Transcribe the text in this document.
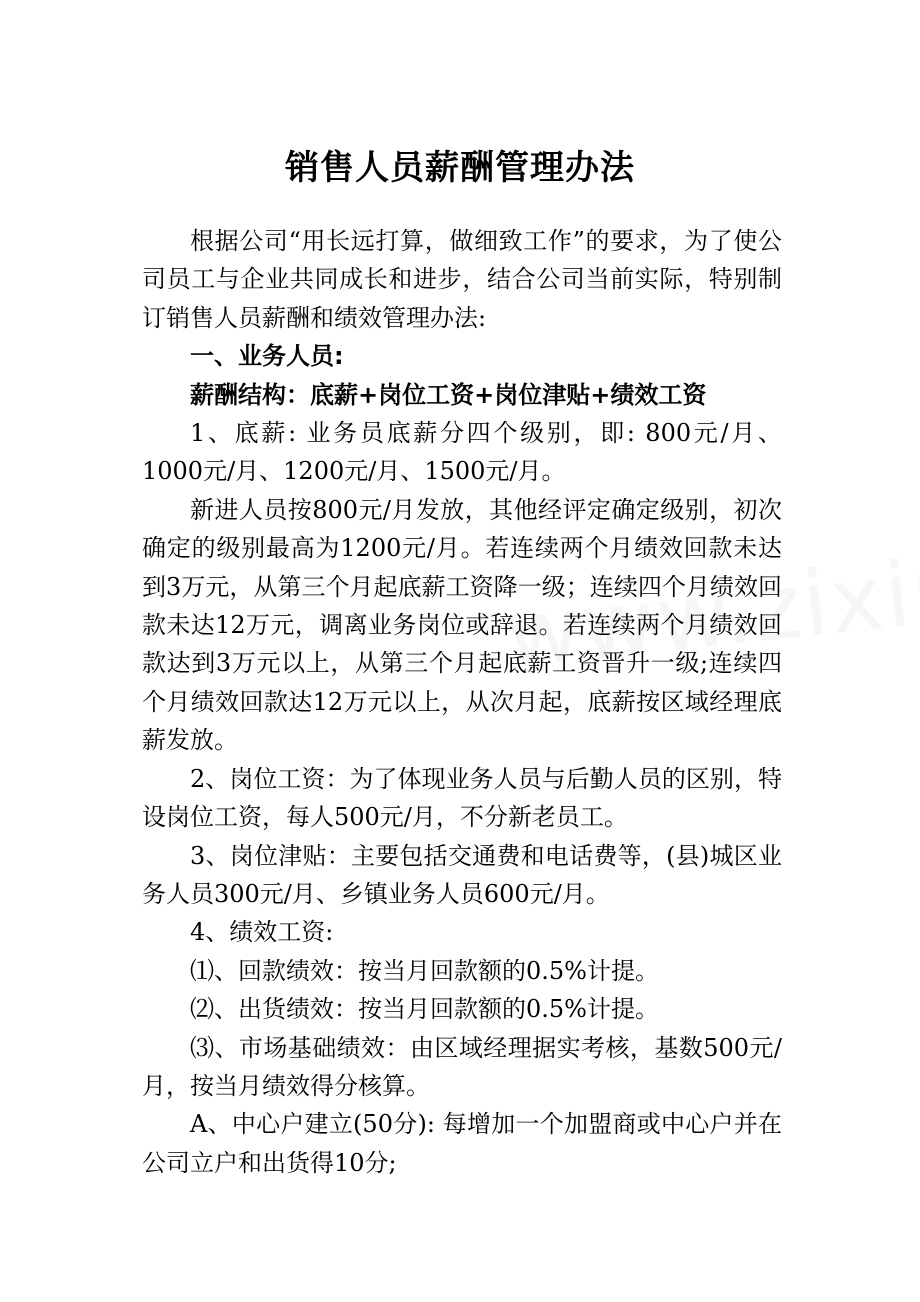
销售人员薪酬管理办法

根据公司“用长远打算，做细致工作”的要求，为了使公司员工与企业共同成长和进步，结合公司当前实际，特别制订销售人员薪酬和绩效管理办法:

一、业务人员:

薪酬结构：底薪+岗位工资+岗位津贴+绩效工资

1、底薪: 业务员底薪分四个级别，即: 800元/月、1000元/月、1200元/月、1500元/月。

新进人员按800元/月发放，其他经评定确定级别，初次确定的级别最高为1200元/月。若连续两个月绩效回款未达到3万元，从第三个月起底薪工资降一级；连续四个月绩效回款未达12万元，调离业务岗位或辞退。若连续两个月绩效回款达到3万元以上，从第三个月起底薪工资晋升一级;连续四个月绩效回款达12万元以上，从次月起，底薪按区域经理底薪发放。

2、岗位工资：为了体现业务人员与后勤人员的区别，特设岗位工资，每人500元/月，不分新老员工。

3、岗位津贴：主要包括交通费和电话费等，(县)城区业务人员300元/月、乡镇业务人员600元/月。

4、绩效工资:

⑴、回款绩效：按当月回款额的0.5%计提。

⑵、出货绩效：按当月回款额的0.5%计提。

⑶、市场基础绩效：由区域经理据实考核，基数500元/月，按当月绩效得分核算。

A、中心户建立(50分): 每增加一个加盟商或中心户并在公司立户和出货得10分;
